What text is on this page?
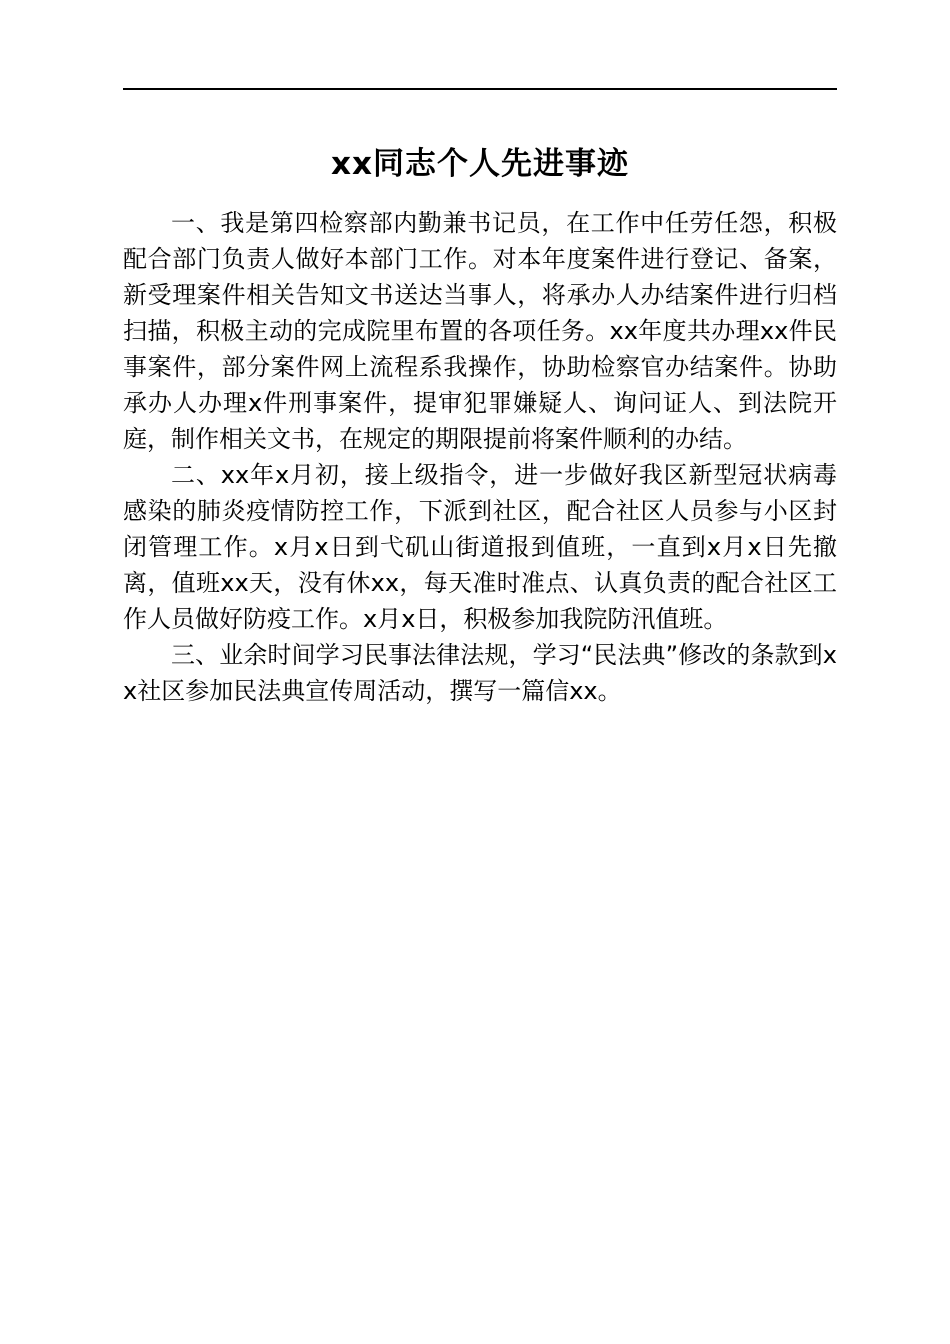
xx同志个人先进事迹

一、我是第四检察部内勤兼书记员，在工作中任劳任怨，积极配合部门负责人做好本部门工作。对本年度案件进行登记、备案，新受理案件相关告知文书送达当事人，将承办人办结案件进行归档扫描，积极主动的完成院里布置的各项任务。xx年度共办理xx件民事案件，部分案件网上流程系我操作，协助检察官办结案件。协助承办人办理x件刑事案件，提审犯罪嫌疑人、询问证人、到法院开庭，制作相关文书，在规定的期限提前将案件顺利的办结。

二、xx年x月初，接上级指令，进一步做好我区新型冠状病毒感染的肺炎疫情防控工作，下派到社区，配合社区人员参与小区封闭管理工作。x月x日到弋矶山街道报到值班，一直到x月x日先撤离，值班xx天，没有休xx，每天准时准点、认真负责的配合社区工作人员做好防疫工作。x月x日，积极参加我院防汛值班。

三、业余时间学习民事法律法规，学习“民法典”修改的条款到xx社区参加民法典宣传周活动，撰写一篇信xx。
